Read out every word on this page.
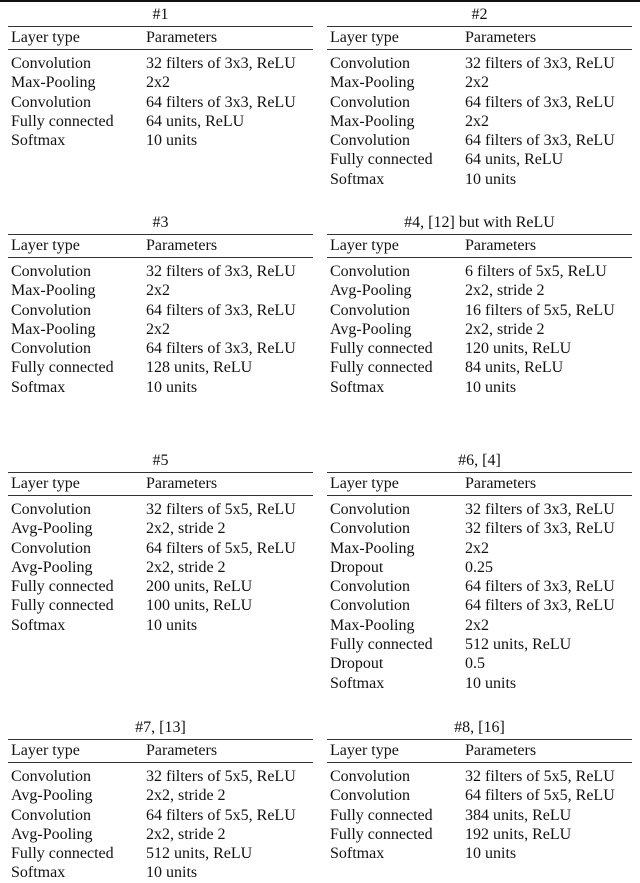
#1
Layer type	Parameters
Convolution	32 filters of 3x3, ReLU
Max-Pooling	2x2
Convolution	64 filters of 3x3, ReLU
Fully connected	64 units, ReLU
Softmax	10 units
#2
Layer type	Parameters
Convolution	32 filters of 3x3, ReLU
Max-Pooling	2x2
Convolution	64 filters of 3x3, ReLU
Max-Pooling	2x2
Convolution	64 filters of 3x3, ReLU
Fully connected	64 units, ReLU
Softmax	10 units
#3
Layer type	Parameters
Convolution	32 filters of 3x3, ReLU
Max-Pooling	2x2
Convolution	64 filters of 3x3, ReLU
Max-Pooling	2x2
Convolution	64 filters of 3x3, ReLU
Fully connected	128 units, ReLU
Softmax	10 units
#4, [12] but with ReLU
Layer type	Parameters
Convolution	6 filters of 5x5, ReLU
Avg-Pooling	2x2, stride 2
Convolution	16 filters of 5x5, ReLU
Avg-Pooling	2x2, stride 2
Fully connected	120 units, ReLU
Fully connected	84 units, ReLU
Softmax	10 units
#5
Layer type	Parameters
Convolution	32 filters of 5x5, ReLU
Avg-Pooling	2x2, stride 2
Convolution	64 filters of 5x5, ReLU
Avg-Pooling	2x2, stride 2
Fully connected	200 units, ReLU
Fully connected	100 units, ReLU
Softmax	10 units
#6, [4]
Layer type	Parameters
Convolution	32 filters of 3x3, ReLU
Convolution	32 filters of 3x3, ReLU
Max-Pooling	2x2
Dropout	0.25
Convolution	64 filters of 3x3, ReLU
Convolution	64 filters of 3x3, ReLU
Max-Pooling	2x2
Fully connected	512 units, ReLU
Dropout	0.5
Softmax	10 units
#7, [13]
Layer type	Parameters
Convolution	32 filters of 5x5, ReLU
Avg-Pooling	2x2, stride 2
Convolution	64 filters of 5x5, ReLU
Avg-Pooling	2x2, stride 2
Fully connected	512 units, ReLU
Softmax	10 units
#8, [16]
Layer type	Parameters
Convolution	32 filters of 5x5, ReLU
Convolution	64 filters of 5x5, ReLU
Fully connected	384 units, ReLU
Fully connected	192 units, ReLU
Softmax	10 units
